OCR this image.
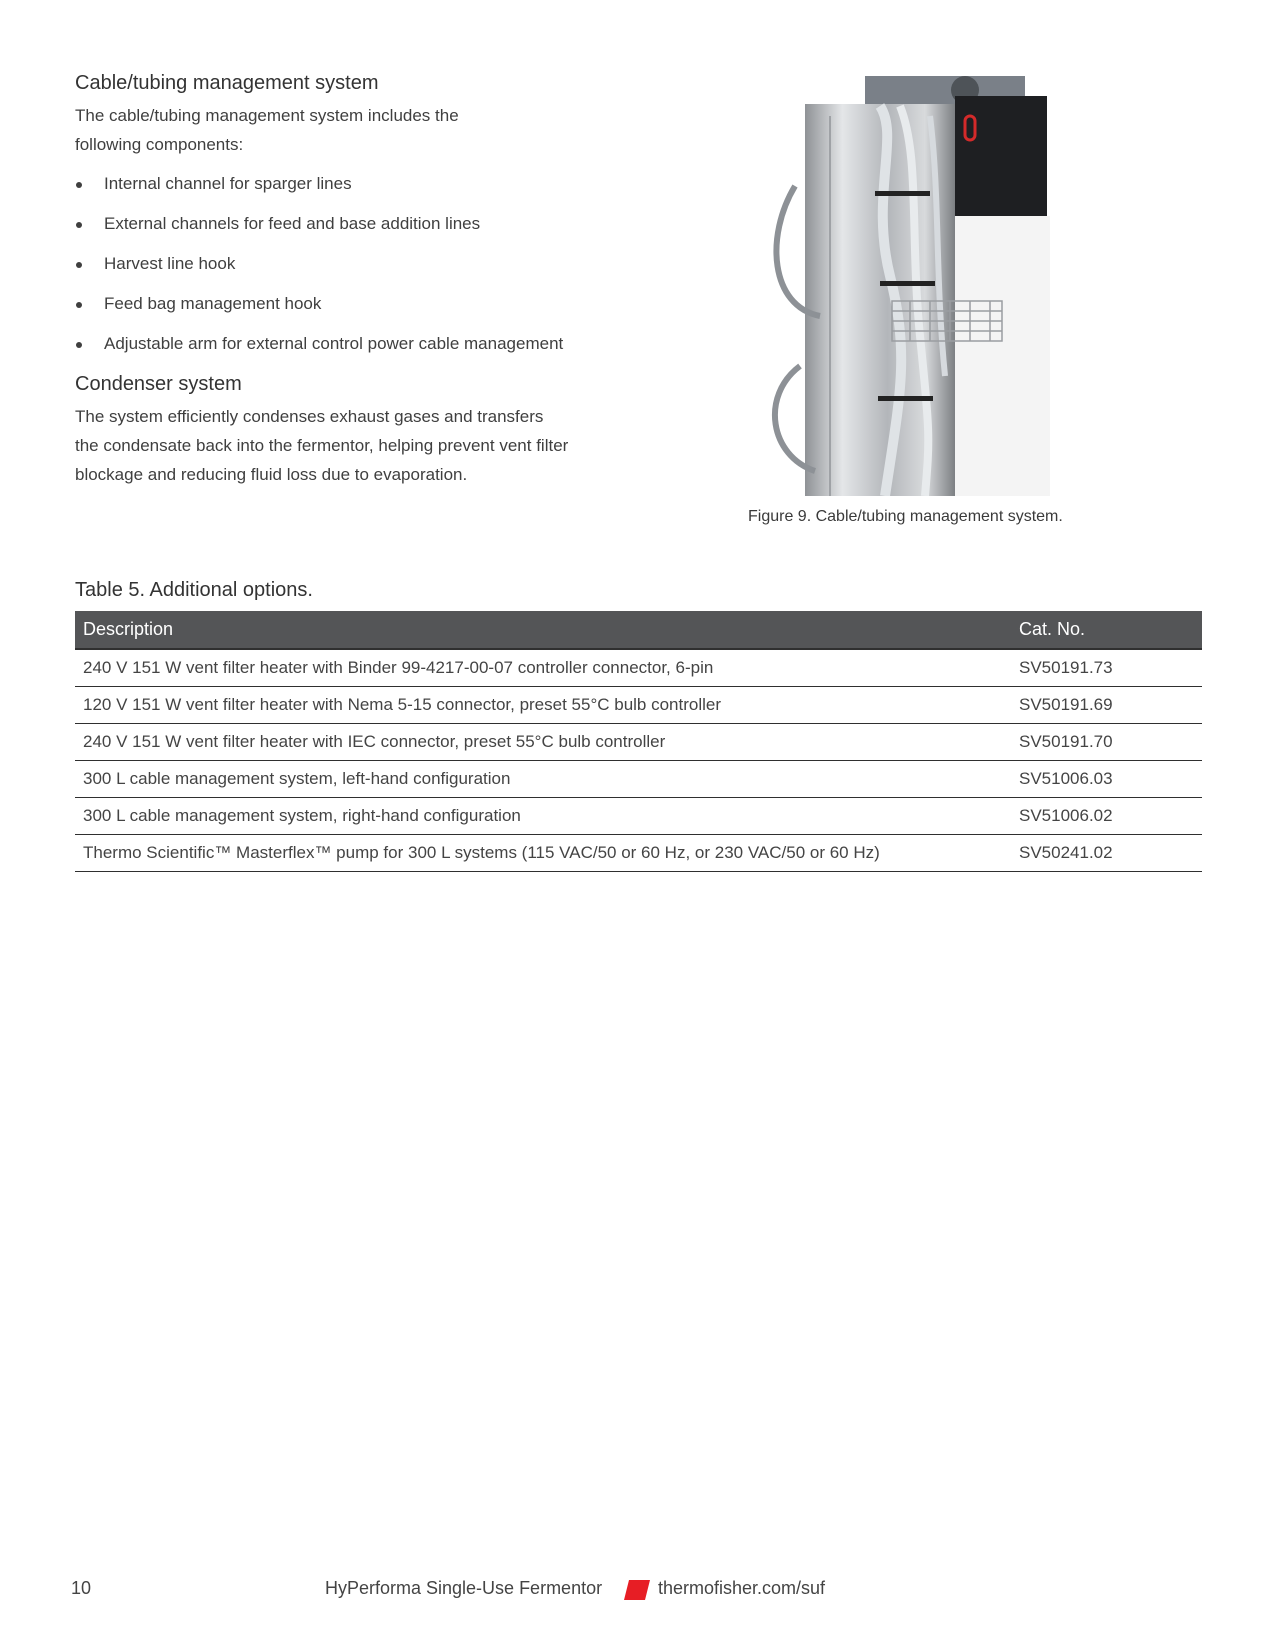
Cable/tubing management system

The cable/tubing management system includes the

following components:

Internal channel for sparger lines
External channels for feed and base addition lines
Harvest line hook
Feed bag management hook
Adjustable arm for external control power cable management
Condenser system

The system efficiently condenses exhaust gases and transfers

the condensate back into the fermentor, helping prevent vent filter

blockage and reducing fluid loss due to evaporation.

Figure 9. Cable/tubing management system.
Table 5. Additional options.
Description	Cat. No.
240 V 151 W vent filter heater with Binder 99-4217-00-07 controller connector, 6-pin	SV50191.73
120 V 151 W vent filter heater with Nema 5-15 connector, preset 55°C bulb controller	SV50191.69
240 V 151 W vent filter heater with IEC connector, preset 55°C bulb controller	SV50191.70
300 L cable management system, left-hand configuration	SV51006.03
300 L cable management system, right-hand configuration	SV51006.02
Thermo Scientific™ Masterflex™ pump for 300 L systems (115 VAC/50 or 60 Hz, or 230 VAC/50 or 60 Hz)	SV50241.02
10	HyPerforma Single-Use Fermentor	thermofisher.com/suf
